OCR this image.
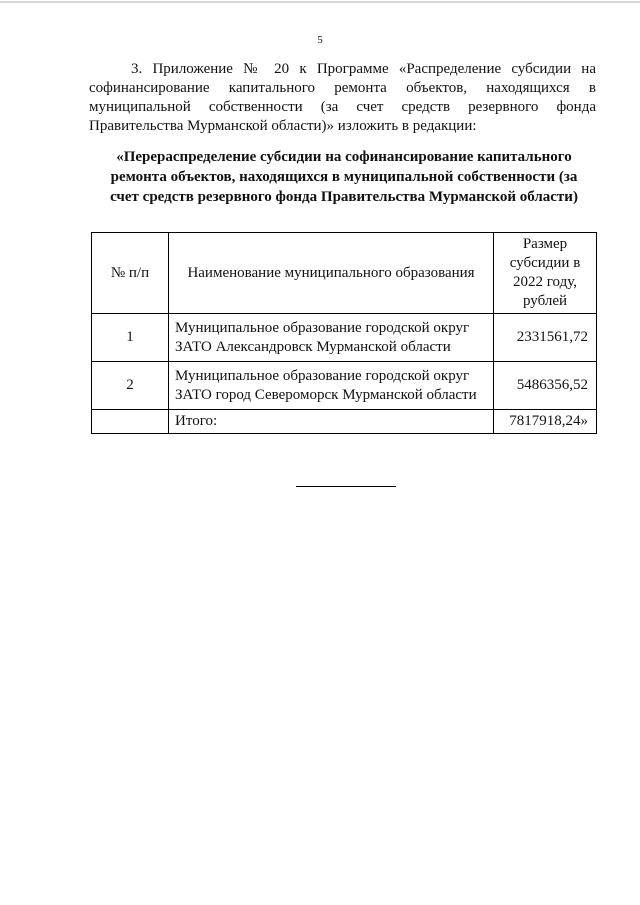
5

3. Приложение № 20 к Программе «Распределение субсидии на софинансирование капитального ремонта объектов, находящихся в муниципальной собственности (за счет средств резервного фонда Правительства Мурманской области)» изложить в редакции:

«Перераспределение субсидии на софинансирование капитального ремонта объектов, находящихся в муниципальной собственности (за счет средств резервного фонда Правительства Мурманской области)

№ п/п	Наименование муниципального образования	Размер субсидии в 2022 году, рублей
1	Муниципальное образование городской округ ЗАТО Александровск Мурманской области	2331561,72
2	Муниципальное образование городской округ ЗАТО город Североморск Мурманской области	5486356,52
	Итого:	7817918,24»
